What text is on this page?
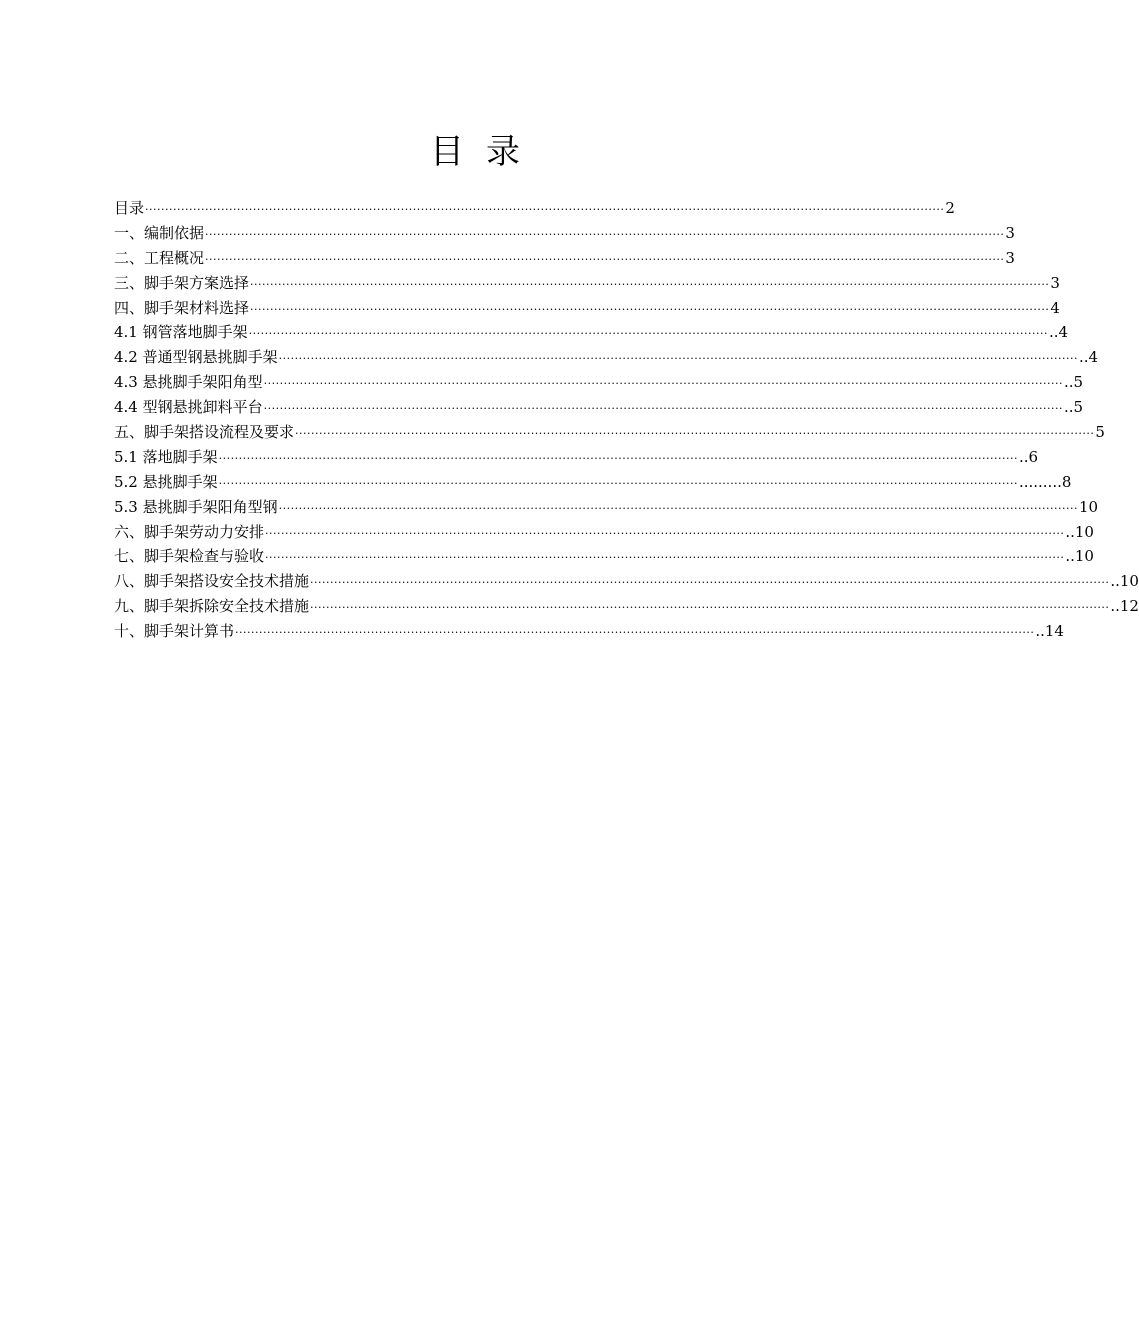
目录
目录 ········································································································································································································ 2
一、编制依据 ········································································································································································································ 3
二、工程概况 ········································································································································································································ 3
三、脚手架方案选择 ········································································································································································································ 3
四、脚手架材料选择 ········································································································································································································ 4
4.1 钢管落地脚手架 ········································································································································································································ ..4
4.2 普通型钢悬挑脚手架 ········································································································································································································ ..4
4.3 悬挑脚手架阳角型 ········································································································································································································ ..5
4.4 型钢悬挑卸料平台 ········································································································································································································ ..5
五、脚手架搭设流程及要求 ········································································································································································································ 5
5.1 落地脚手架 ········································································································································································································ ..6
5.2 悬挑脚手架 ········································································································································································································ .........8
5.3 悬挑脚手架阳角型钢 ········································································································································································································ 10
六、脚手架劳动力安排 ········································································································································································································ ..10
七、脚手架检查与验收 ········································································································································································································ ..10
八、脚手架搭设安全技术措施 ········································································································································································································ ..10
九、脚手架拆除安全技术措施 ········································································································································································································ ..12
十、脚手架计算书 ········································································································································································································ ..14
